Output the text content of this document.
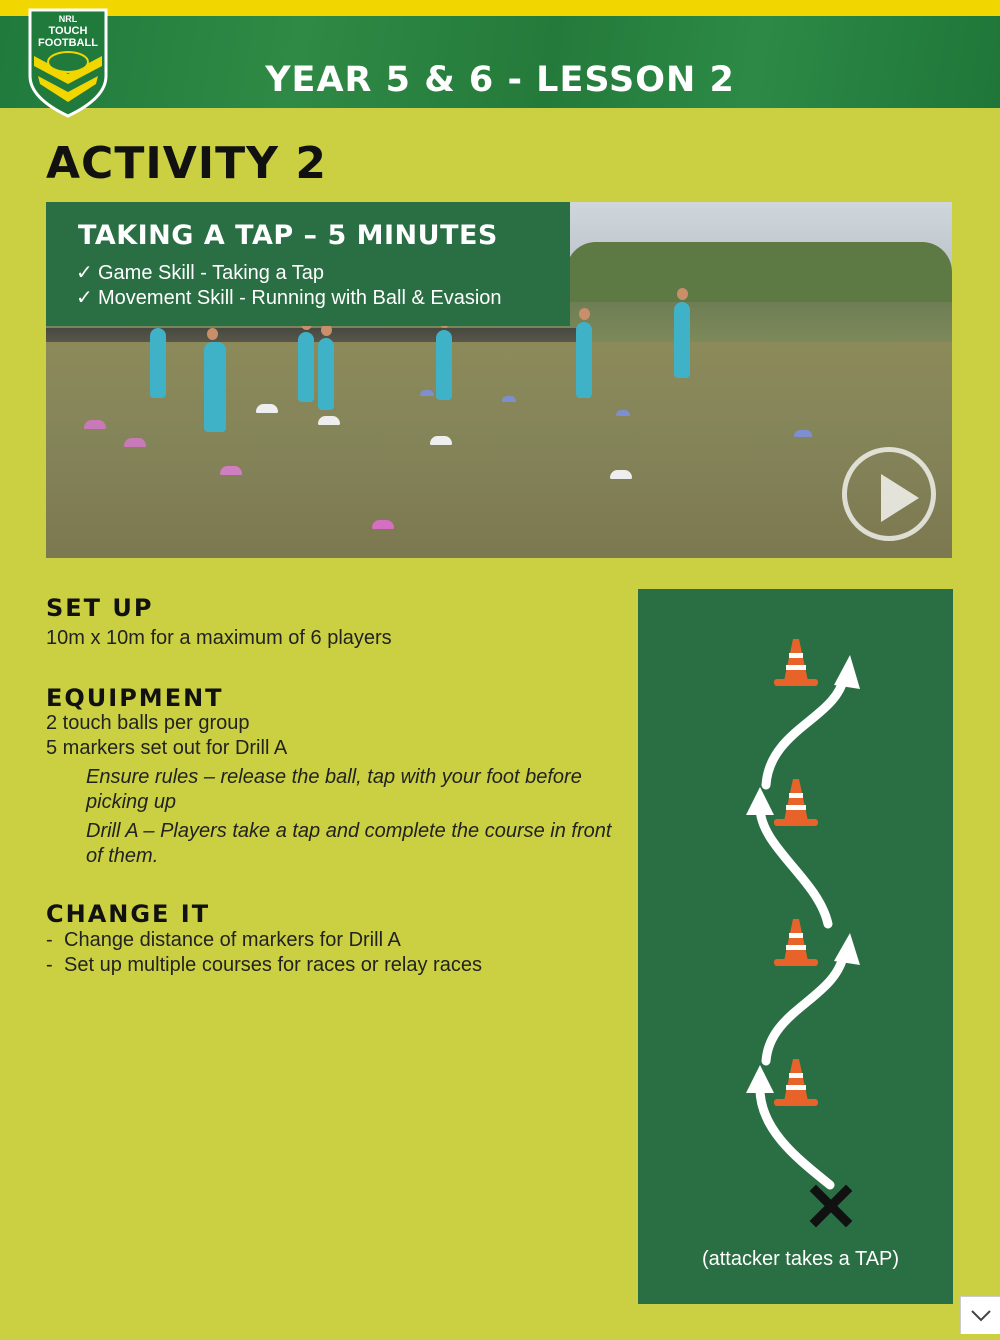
YEAR 5 & 6 - LESSON 2
NRL
TOUCH
FOOTBALL
ACTIVITY 2
TAKING A TAP – 5 MINUTES
✓ Game Skill - Taking a Tap
✓ Movement Skill - Running with Ball & Evasion
SET UP
10m x 10m for a maximum of 6 players
EQUIPMENT
2 touch balls per group
5 markers set out for Drill A
Ensure rules – release the ball, tap with your foot before picking up
Drill A – Players take a tap and complete the course in front of them.
CHANGE IT
- Change distance of markers for Drill A
- Set up multiple courses for races or relay races
(attacker takes a TAP)
